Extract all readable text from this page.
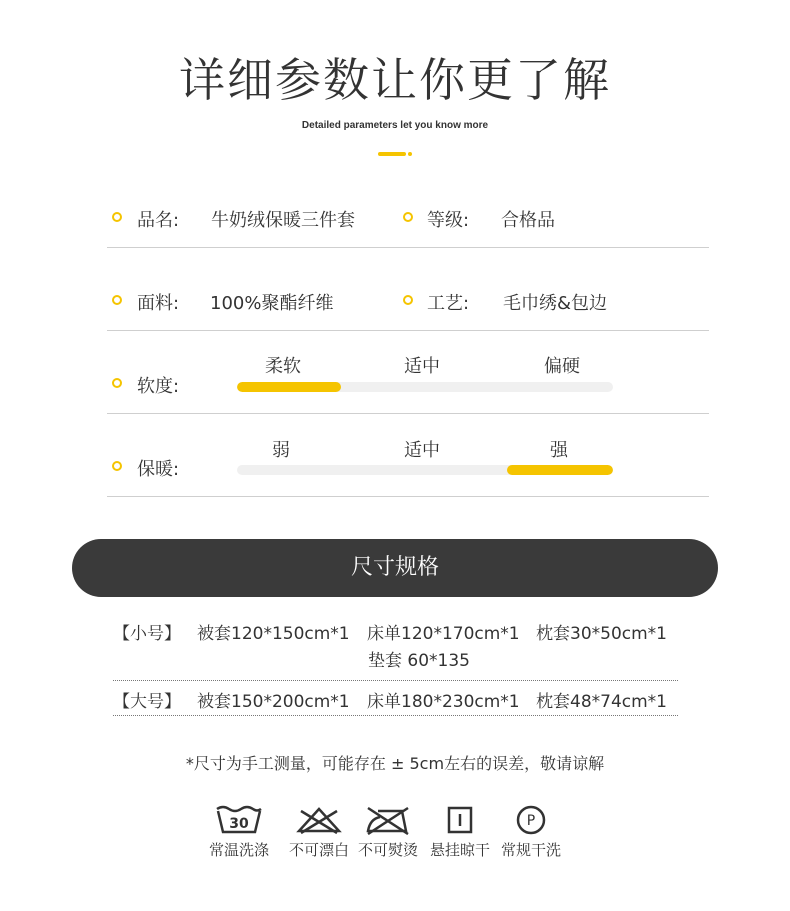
详细参数让你更了解
Detailed parameters let you know more
品名: 牛奶绒保暖三件套	等级: 合格品
面料: 100%聚酯纤维	工艺: 毛巾绣&包边
软度:
柔软	适中	偏硬
保暖:
弱	适中	强
尺寸规格
【小号】 被套120*150cm*1 床单120*170cm*1 枕套30*50cm*1
垫套 60*135
【大号】 被套150*200cm*1 床单180*230cm*1 枕套48*74cm*1
*尺寸为手工测量，可能存在 ± 5cm左右的误差，敬请谅解
30
常温洗涤	不可漂白 不可熨烫 悬挂晾干
P
常规干洗
